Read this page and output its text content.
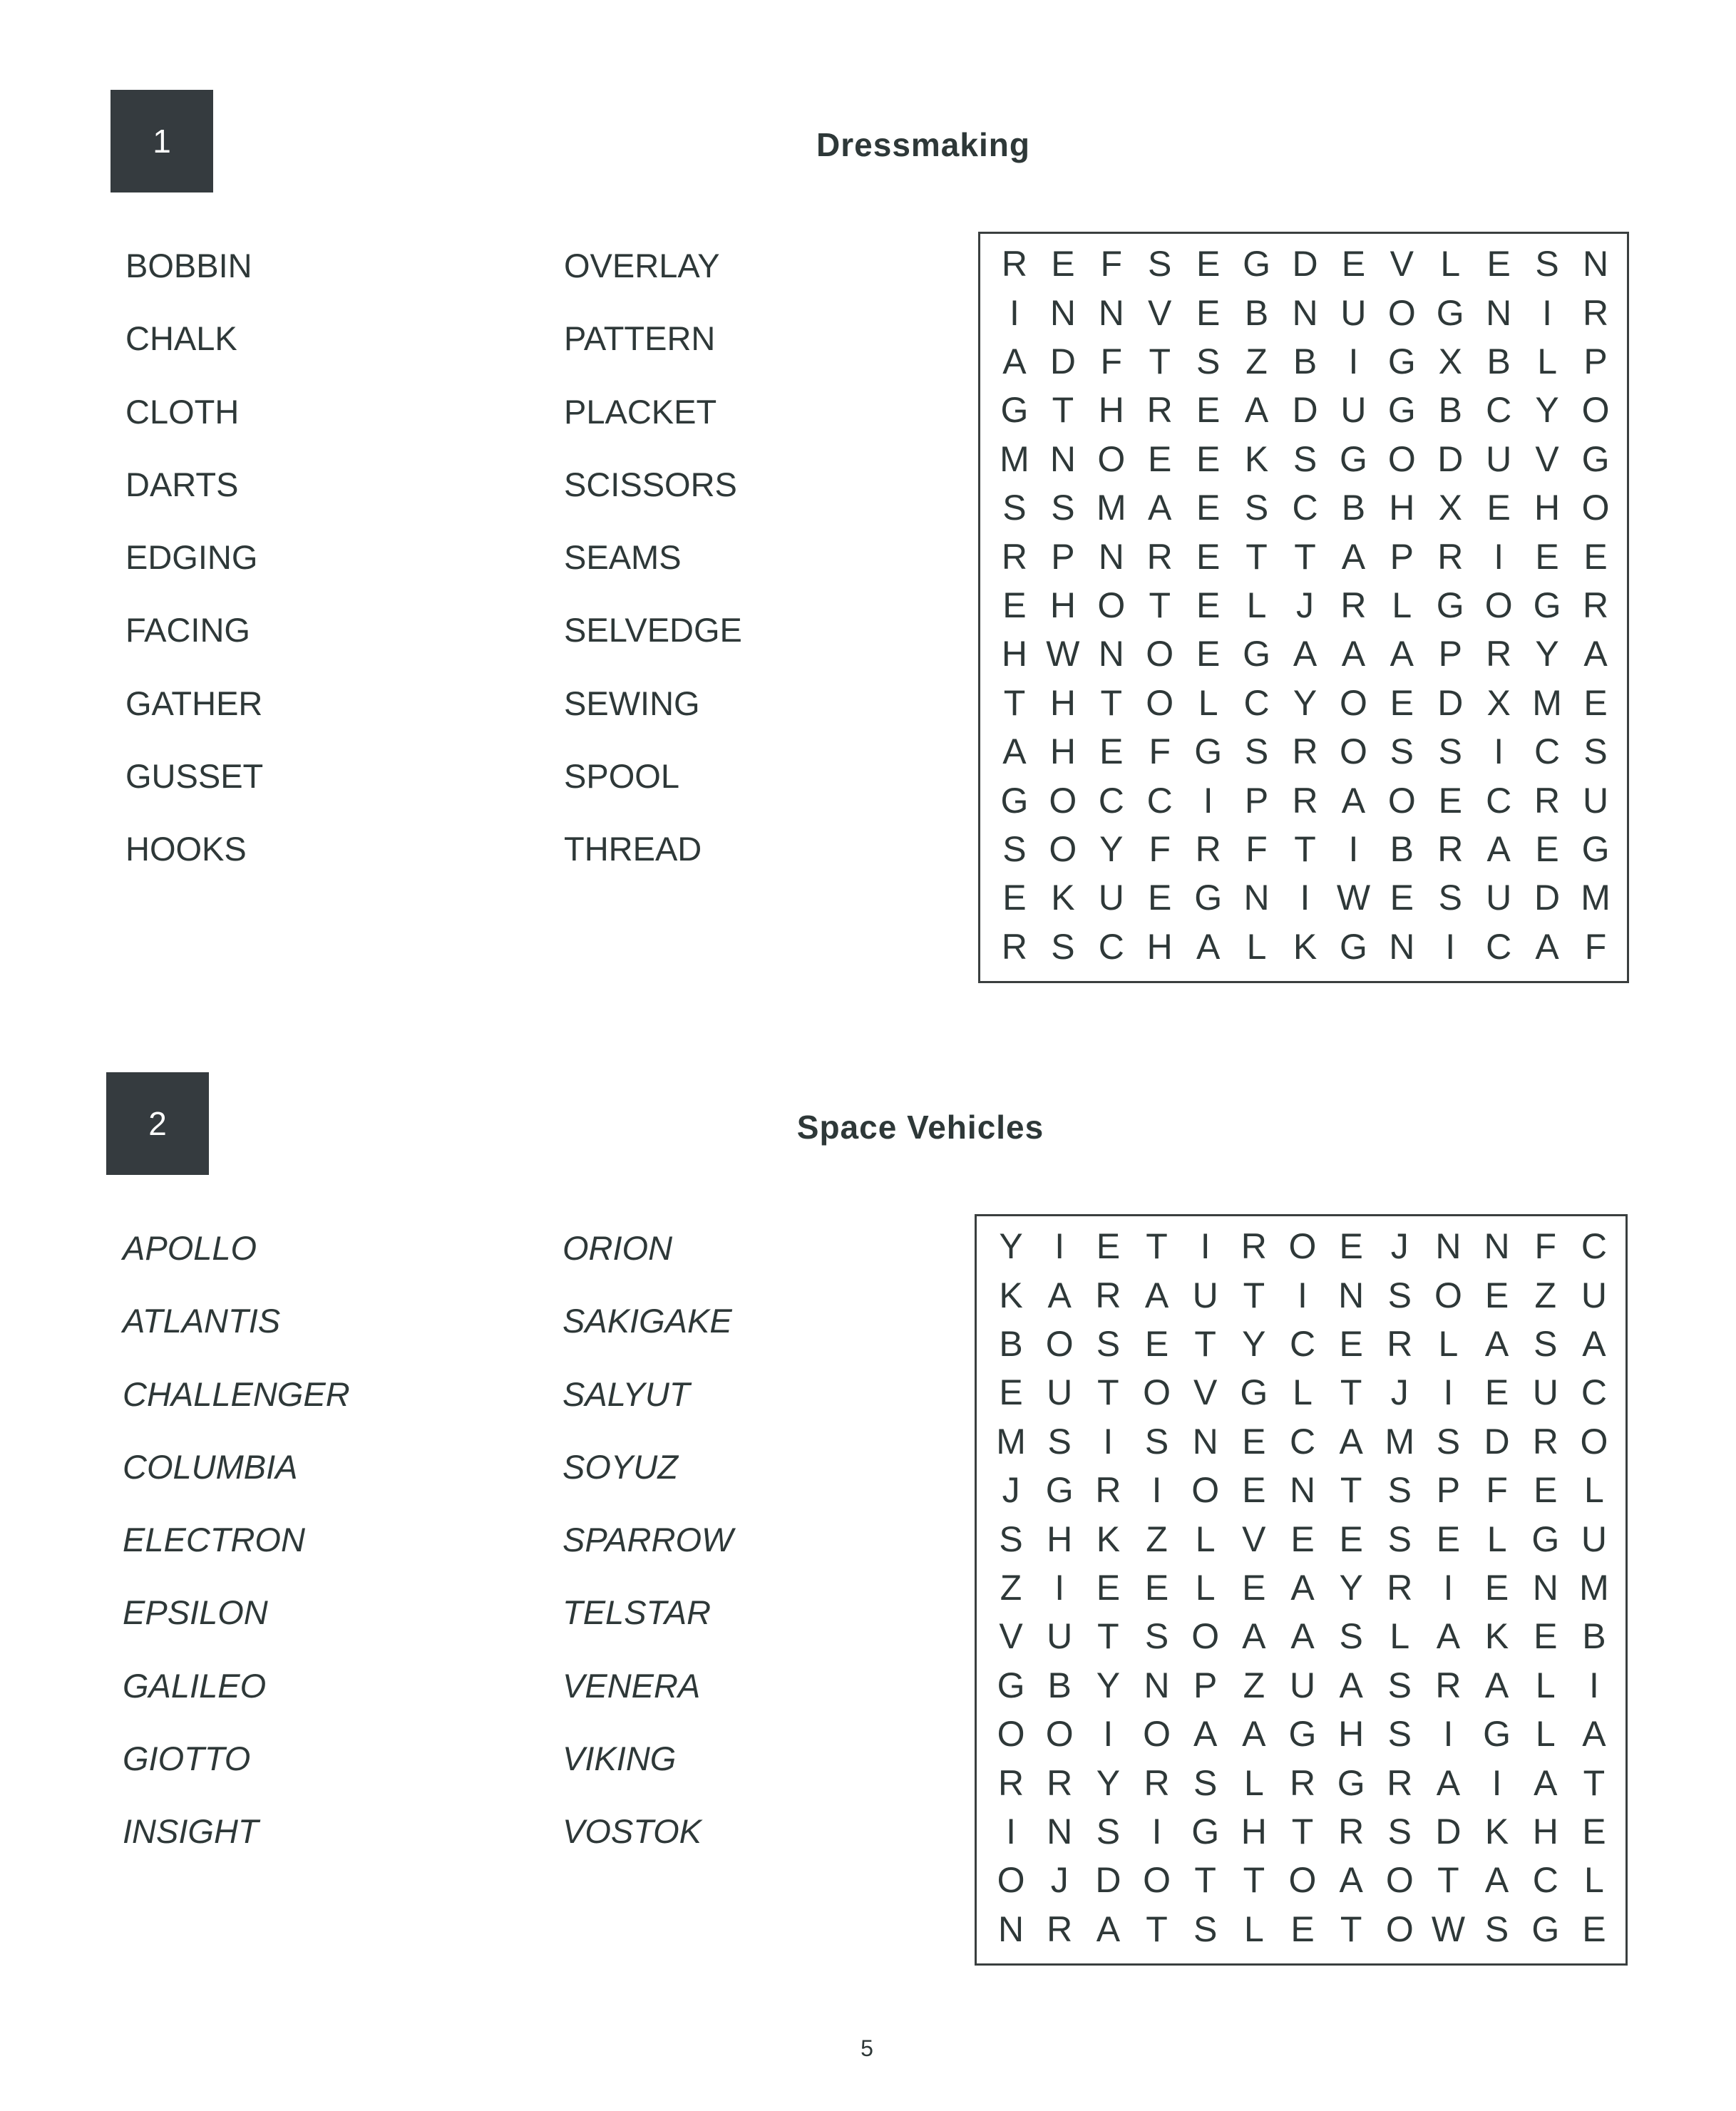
1	Dressmaking
BOBBIN
CHALK
CLOTH
DARTS
EDGING
FACING
GATHER
GUSSET
HOOKS
OVERLAY
PATTERN
PLACKET
SCISSORS
SEAMS
SELVEDGE
SEWING
SPOOL
THREAD
R E F S E G D E V L E S N
I N N V E B N U O G N I R
A D F T S Z B I G X B L P
G T H R E A D U G B C Y O
M N O E E K S G O D U V G
S S M A E S C B H X E H O
R P N R E T T A P R I E E
E H O T E L J R L G O G R
H W N O E G A A A P R Y A
T H T O L C Y O E D X M E
A H E F G S R O S S I C S
G O C C I P R A O E C R U
S O Y F R F T I B R A E G
E K U E G N I W E S U D M
R S C H A L K G N I C A F
2	Space Vehicles
APOLLO
ATLANTIS
CHALLENGER
COLUMBIA
ELECTRON
EPSILON
GALILEO
GIOTTO
INSIGHT
ORION
SAKIGAKE
SALYUT
SOYUZ
SPARROW
TELSTAR
VENERA
VIKING
VOSTOK
Y I E T I R O E J N N F C
K A R A U T I N S O E Z U
B O S E T Y C E R L A S A
E U T O V G L T J I E U C
M S I S N E C A M S D R O
J G R I O E N T S P F E L
S H K Z L V E E S E L G U
Z I E E L E A Y R I E N M
V U T S O A A S L A K E B
G B Y N P Z U A S R A L I
O O I O A A G H S I G L A
R R Y R S L R G R A I A T
I N S I G H T R S D K H E
O J D O T T O A O T A C L
N R A T S L E T O W S G E
5
